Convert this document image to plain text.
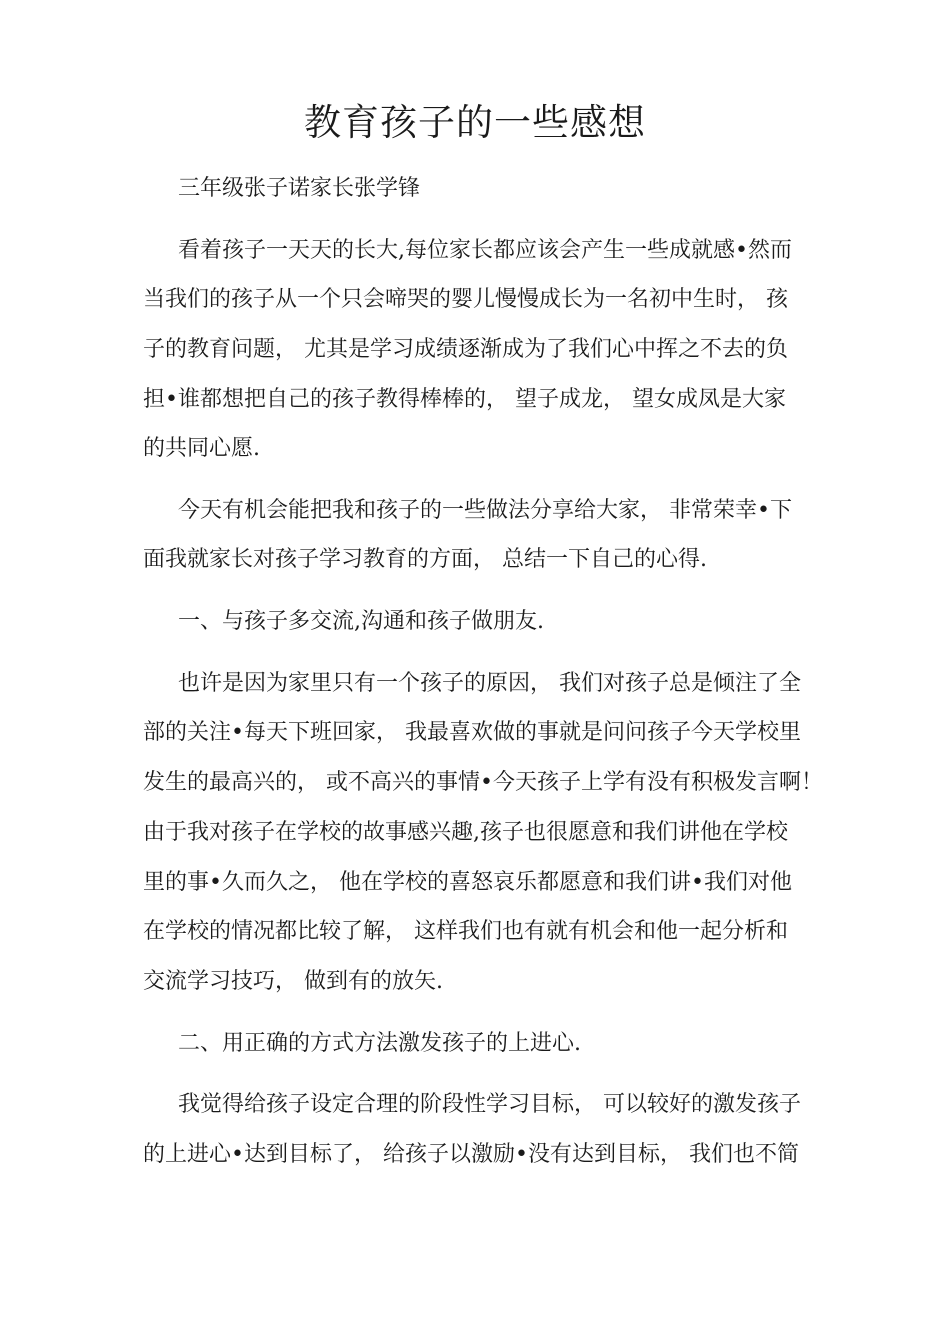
教育孩子的一些感想

三年级张子诺家长张学锋

看着孩子一天天的长大,每位家长都应该会产生一些成就感•然而

当我们的孩子从一个只会啼哭的婴儿慢慢成长为一名初中生时， 孩

子的教育问题， 尤其是学习成绩逐渐成为了我们心中挥之不去的负

担•谁都想把自己的孩子教得棒棒的， 望子成龙， 望女成凤是大家

的共同心愿.

今天有机会能把我和孩子的一些做法分享给大家， 非常荣幸•下

面我就家长对孩子学习教育的方面， 总结一下自己的心得.

一、与孩子多交流,沟通和孩子做朋友.

也许是因为家里只有一个孩子的原因， 我们对孩子总是倾注了全

部的关注•每天下班回家， 我最喜欢做的事就是问问孩子今天学校里

发生的最高兴的， 或不高兴的事情•今天孩子上学有没有积极发言啊！

由于我对孩子在学校的故事感兴趣,孩子也很愿意和我们讲他在学校

里的事•久而久之， 他在学校的喜怒哀乐都愿意和我们讲•我们对他

在学校的情况都比较了解， 这样我们也有就有机会和他一起分析和

交流学习技巧， 做到有的放矢.

二、用正确的方式方法激发孩子的上进心.

我觉得给孩子设定合理的阶段性学习目标， 可以较好的激发孩子

的上进心•达到目标了， 给孩子以激励•没有达到目标， 我们也不简
